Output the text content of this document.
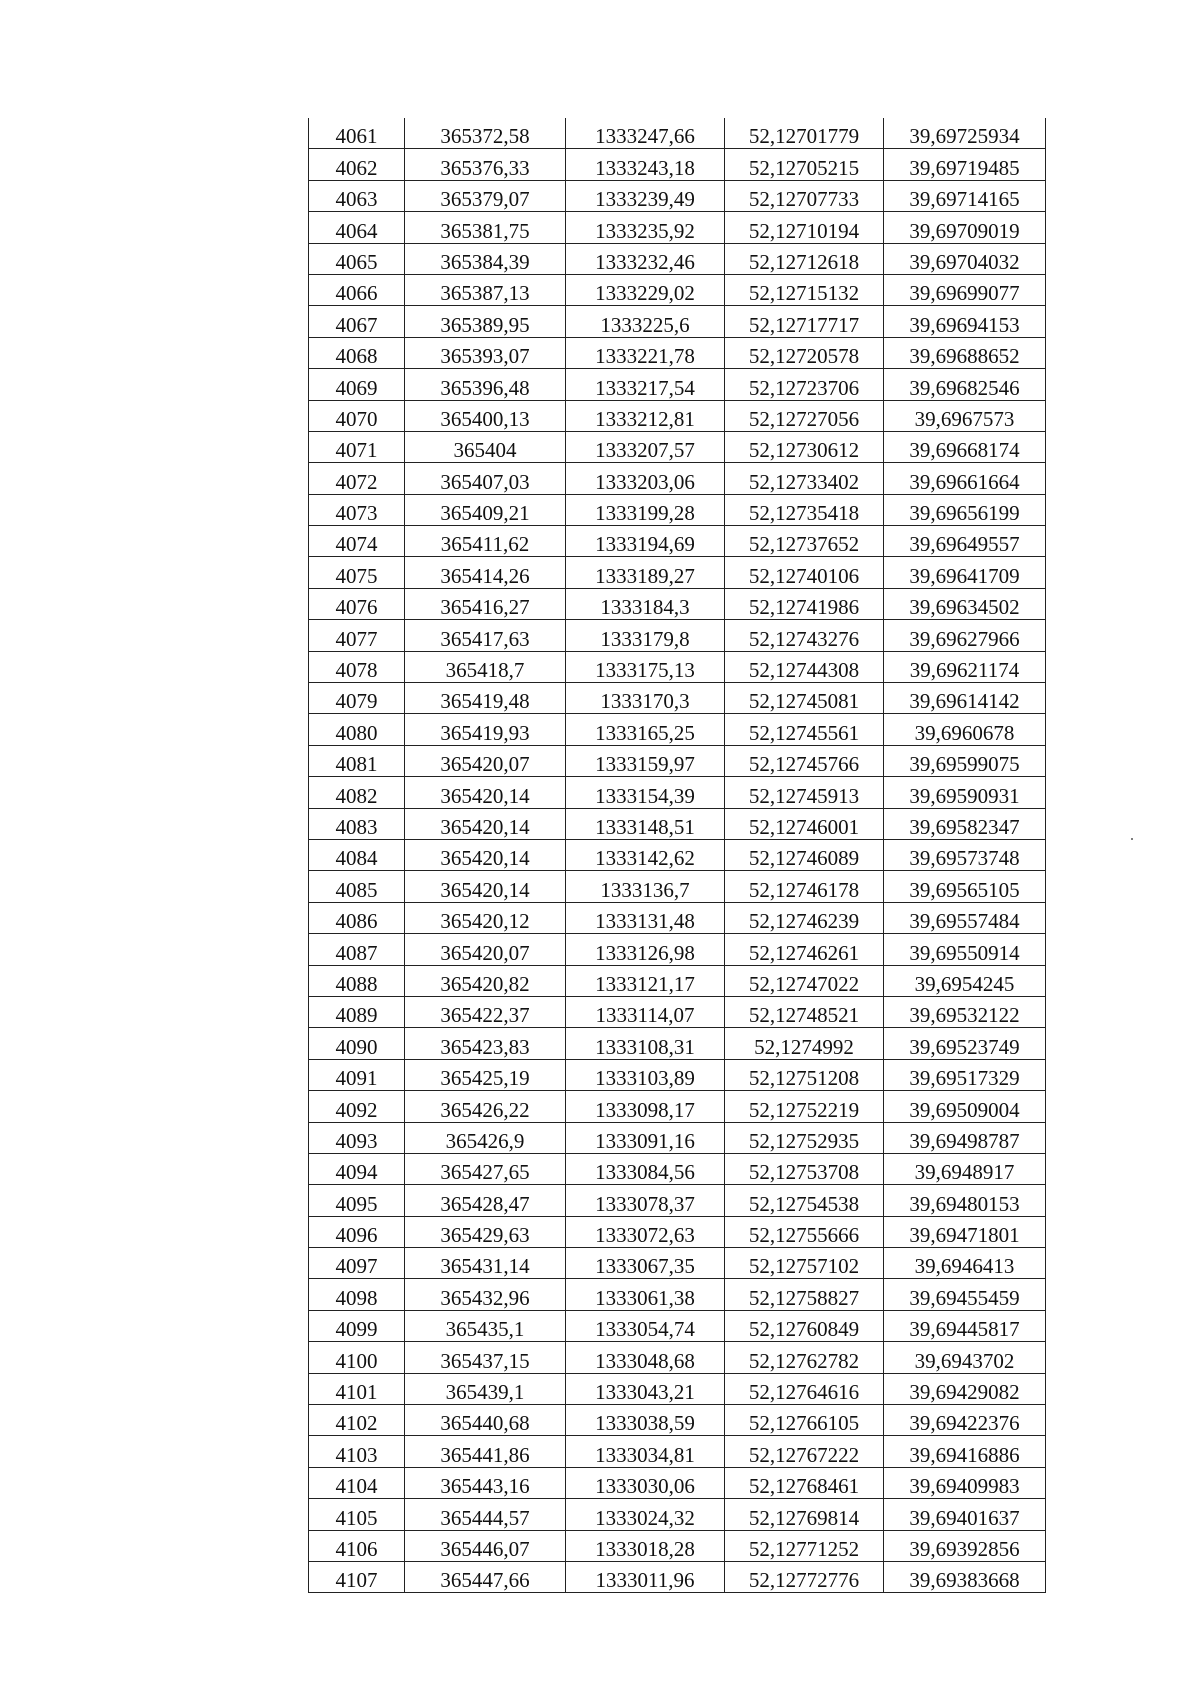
4061	365372,58	1333247,66	52,12701779	39,69725934
4062	365376,33	1333243,18	52,12705215	39,69719485
4063	365379,07	1333239,49	52,12707733	39,69714165
4064	365381,75	1333235,92	52,12710194	39,69709019
4065	365384,39	1333232,46	52,12712618	39,69704032
4066	365387,13	1333229,02	52,12715132	39,69699077
4067	365389,95	1333225,6	52,12717717	39,69694153
4068	365393,07	1333221,78	52,12720578	39,69688652
4069	365396,48	1333217,54	52,12723706	39,69682546
4070	365400,13	1333212,81	52,12727056	39,6967573
4071	365404	1333207,57	52,12730612	39,69668174
4072	365407,03	1333203,06	52,12733402	39,69661664
4073	365409,21	1333199,28	52,12735418	39,69656199
4074	365411,62	1333194,69	52,12737652	39,69649557
4075	365414,26	1333189,27	52,12740106	39,69641709
4076	365416,27	1333184,3	52,12741986	39,69634502
4077	365417,63	1333179,8	52,12743276	39,69627966
4078	365418,7	1333175,13	52,12744308	39,69621174
4079	365419,48	1333170,3	52,12745081	39,69614142
4080	365419,93	1333165,25	52,12745561	39,6960678
4081	365420,07	1333159,97	52,12745766	39,69599075
4082	365420,14	1333154,39	52,12745913	39,69590931
4083	365420,14	1333148,51	52,12746001	39,69582347
4084	365420,14	1333142,62	52,12746089	39,69573748
4085	365420,14	1333136,7	52,12746178	39,69565105
4086	365420,12	1333131,48	52,12746239	39,69557484
4087	365420,07	1333126,98	52,12746261	39,69550914
4088	365420,82	1333121,17	52,12747022	39,6954245
4089	365422,37	1333114,07	52,12748521	39,69532122
4090	365423,83	1333108,31	52,1274992	39,69523749
4091	365425,19	1333103,89	52,12751208	39,69517329
4092	365426,22	1333098,17	52,12752219	39,69509004
4093	365426,9	1333091,16	52,12752935	39,69498787
4094	365427,65	1333084,56	52,12753708	39,6948917
4095	365428,47	1333078,37	52,12754538	39,69480153
4096	365429,63	1333072,63	52,12755666	39,69471801
4097	365431,14	1333067,35	52,12757102	39,6946413
4098	365432,96	1333061,38	52,12758827	39,69455459
4099	365435,1	1333054,74	52,12760849	39,69445817
4100	365437,15	1333048,68	52,12762782	39,6943702
4101	365439,1	1333043,21	52,12764616	39,69429082
4102	365440,68	1333038,59	52,12766105	39,69422376
4103	365441,86	1333034,81	52,12767222	39,69416886
4104	365443,16	1333030,06	52,12768461	39,69409983
4105	365444,57	1333024,32	52,12769814	39,69401637
4106	365446,07	1333018,28	52,12771252	39,69392856
4107	365447,66	1333011,96	52,12772776	39,69383668
